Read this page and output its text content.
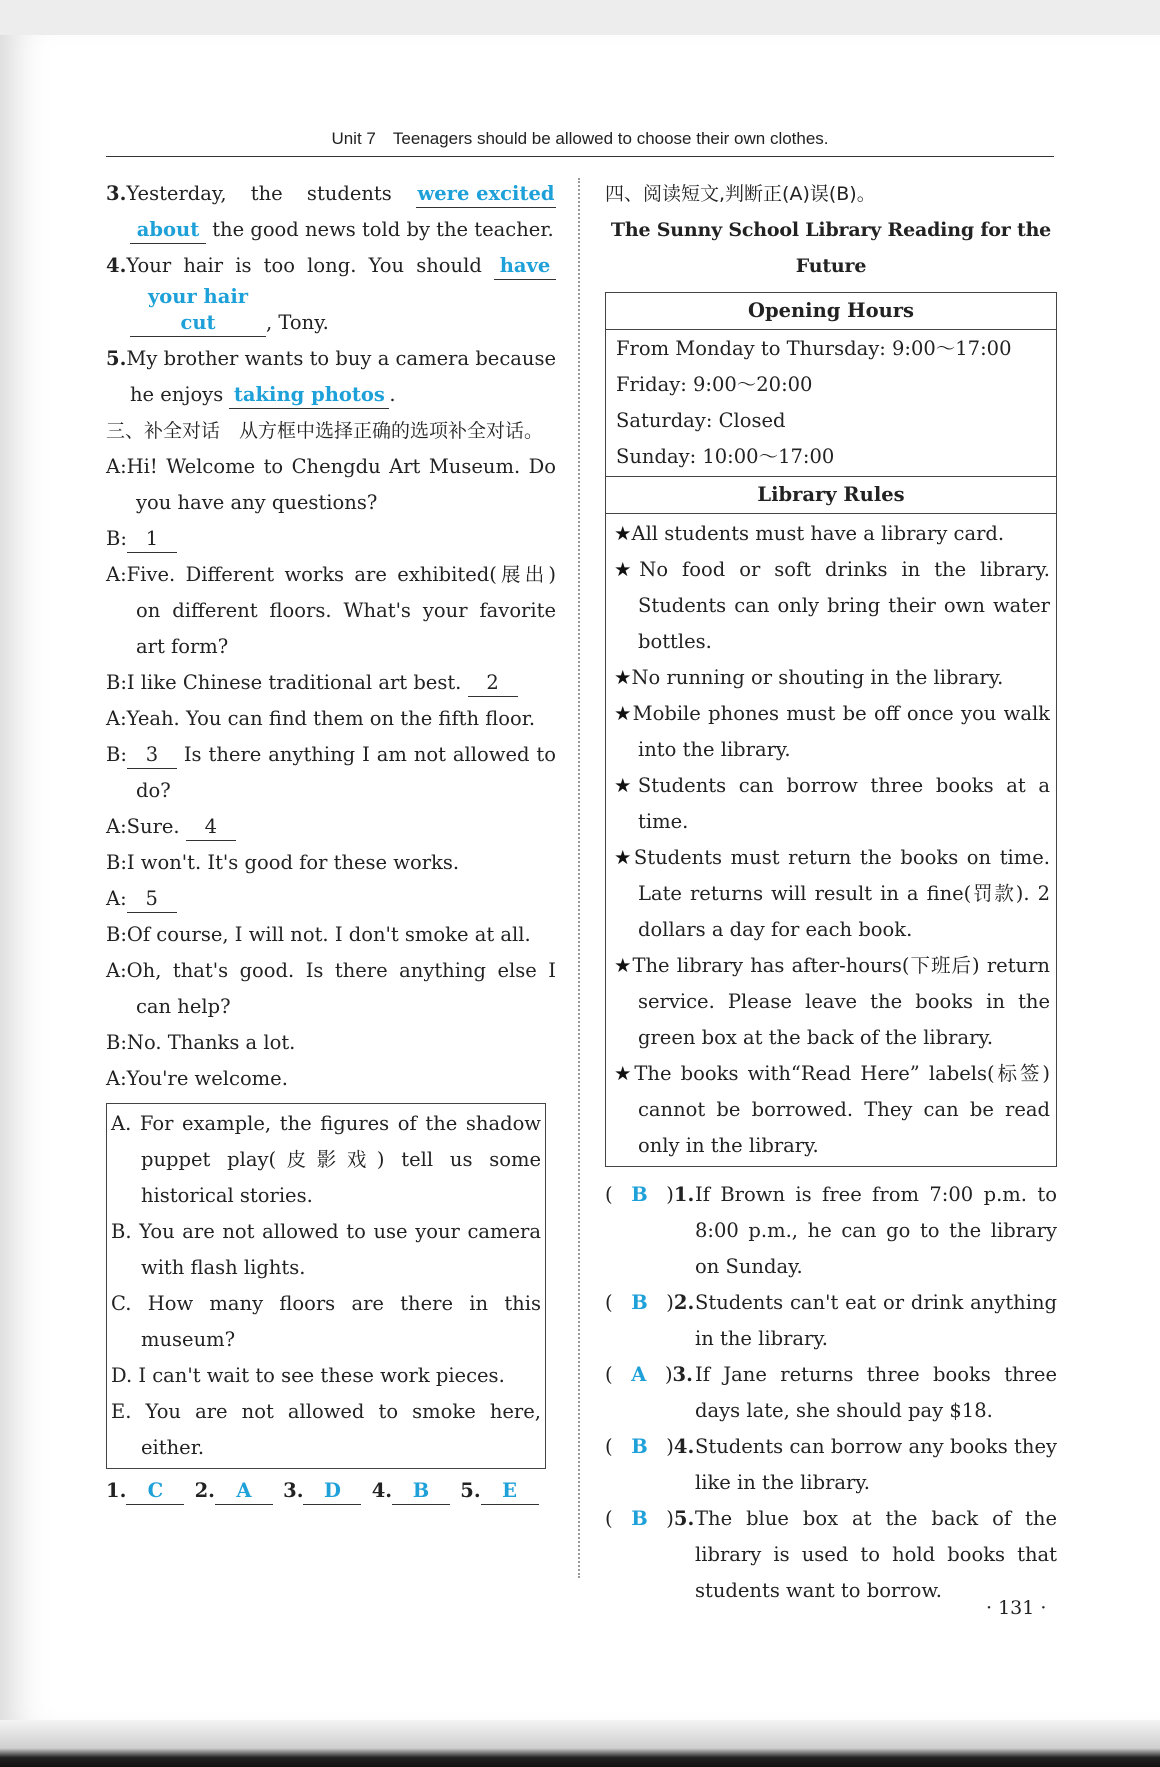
Unit 7 Teenagers should be allowed to choose their own clothes.
3.Yesterday, the students were excited about the good news told by the teacher.
4.Your hair is too long. You should have your hair cut	, Tony.
5.My brother wants to buy a camera because he enjoys taking photos .
三、补全对话 从方框中选择正确的选项补全对话。
A:Hi! Welcome to Chengdu Art Museum. Do you have any questions?
B: 1
A:Five. Different works are exhibited(展出) on different floors. What's your favorite art form?
B:I like Chinese traditional art best. 2
A:Yeah. You can find them on the fifth floor.
B: 3 Is there anything I am not allowed to do?
A:Sure. 4
B:I won't. It's good for these works.
A: 5
B:Of course, I will not. I don't smoke at all.
A:Oh, that's good. Is there anything else I can help?
B:No. Thanks a lot.
A:You're welcome.
A. For example, the figures of the shadow puppet play(皮影戏) tell us some historical stories.
B. You are not allowed to use your camera with flash lights.
C. How many floors are there in this museum?
D. I can't wait to see these work pieces.
E. You are not allowed to smoke here, either.
1. C 2. A 3. D 4. B 5. E
四、阅读短文,判断正(A)误(B)。
The Sunny School Library Reading for the Future
Opening Hours
From Monday to Thursday: 9:00～17:00
Friday: 9:00～20:00
Saturday: Closed
Sunday: 10:00～17:00
Library Rules
★All students must have a library card.
★No food or soft drinks in the library. Students can only bring their own water bottles.
★No running or shouting in the library.
★Mobile phones must be off once you walk into the library.
★Students can borrow three books at a time.
★Students must return the books on time. Late returns will result in a fine(罚款). 2 dollars a day for each book.
★The library has after-hours(下班后) return service. Please leave the books in the green box at the back of the library.
★The books with“Read Here” labels(标签) cannot be borrowed. They can be read only in the library.
(   B   )1.If Brown is free from 7:00 p.m. to 8:00 p.m., he can go to the library on Sunday.
(   B   )2.Students can't eat or drink anything in the library.
(   A   )3. If Jane returns three books three days late, she should pay $18.
(   B   )4.Students can borrow any books they like in the library.
(   B   )5.The blue box at the back of the library is used to hold books that students want to borrow.
· 131 ·
